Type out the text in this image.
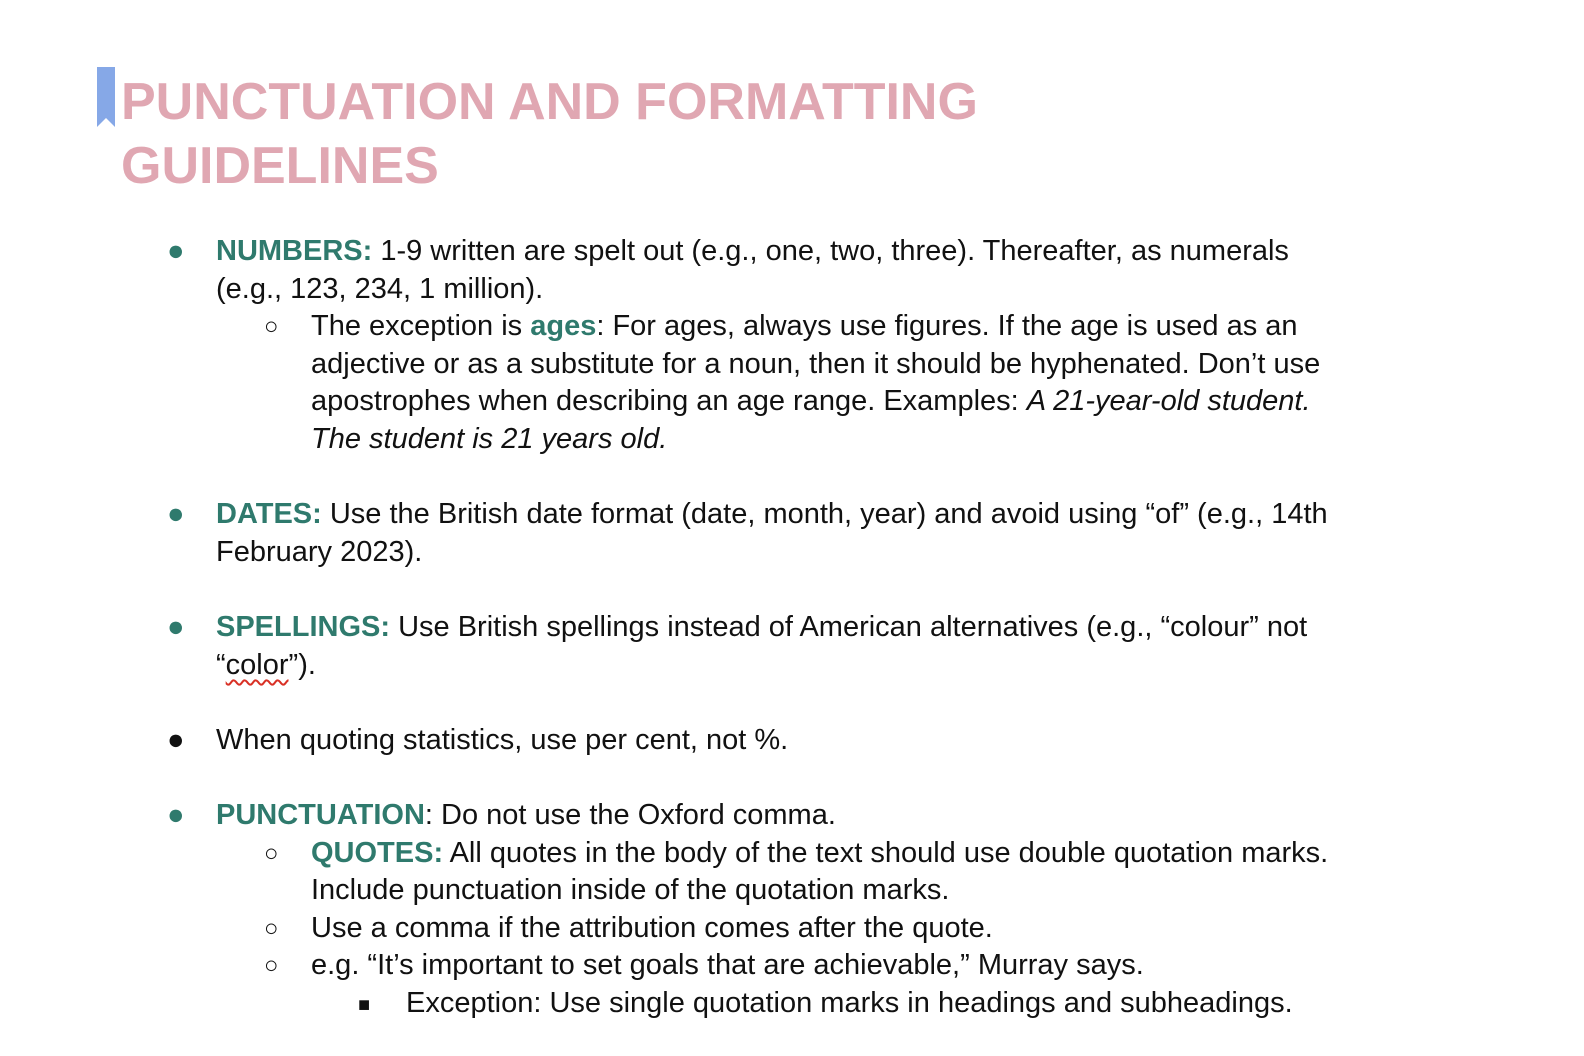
PUNCTUATION AND FORMATTING
GUIDELINES
● NUMBERS: 1-9 written are spelt out (e.g., one, two, three). Thereafter, as numerals
(e.g., 123, 234, 1 million).
○ The exception is ages: For ages, always use figures. If the age is used as an
adjective or as a substitute for a noun, then it should be hyphenated. Don’t use
apostrophes when describing an age range. Examples: A 21-year-old student.
The student is 21 years old.
● DATES: Use the British date format (date, month, year) and avoid using “of” (e.g., 14th
February 2023).
● SPELLINGS: Use British spellings instead of American alternatives (e.g., “colour” not
“color”).
● When quoting statistics, use per cent, not %.
● PUNCTUATION: Do not use the Oxford comma.
○ QUOTES: All quotes in the body of the text should use double quotation marks.
Include punctuation inside of the quotation marks.
○ Use a comma if the attribution comes after the quote.
○ e.g. “It’s important to set goals that are achievable,” Murray says.
■ Exception: Use single quotation marks in headings and subheadings.
